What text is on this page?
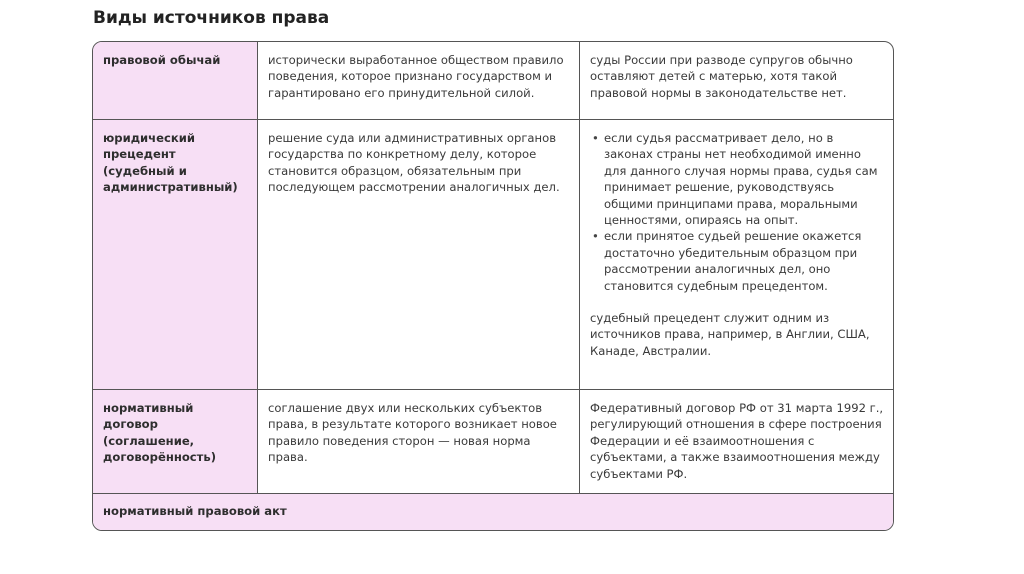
Виды источников права
правовой обычай	исторически выработанное обществом правило поведения, которое признано государством и гарантировано его принудительной силой.
суды России при разводе супругов обычно оставляют детей с матерью, хотя такой правовой нормы в законодательстве нет.
юридический прецедент (судебный и административный)
решение суда или административных органов государства по конкретному делу, которое становится образцом, обязательным при последующем рассмотрении аналогичных дел.
• если судья рассматривает дело, но в законах страны нет необходимой именно для данного случая нормы права, судья сам принимает решение, руководствуясь общими принципами права, моральными ценностями, опираясь на опыт.
• если принятое судьей решение окажется достаточно убедительным образцом при рассмотрении аналогичных дел, оно становится судебным прецедентом.
судебный прецедент служит одним из источников права, например, в Англии, США, Канаде, Австралии.
нормативный договор (соглашение, договорённость)
соглашение двух или нескольких субъектов права, в результате которого возникает новое правило поведения сторон — новая норма права.
Федеративный договор РФ от 31 марта 1992 г., регулирующий отношения в сфере построения Федерации и её взаимоотношения с субъектами, а также взаимоотношения между субъектами РФ.
нормативный правовой акт
